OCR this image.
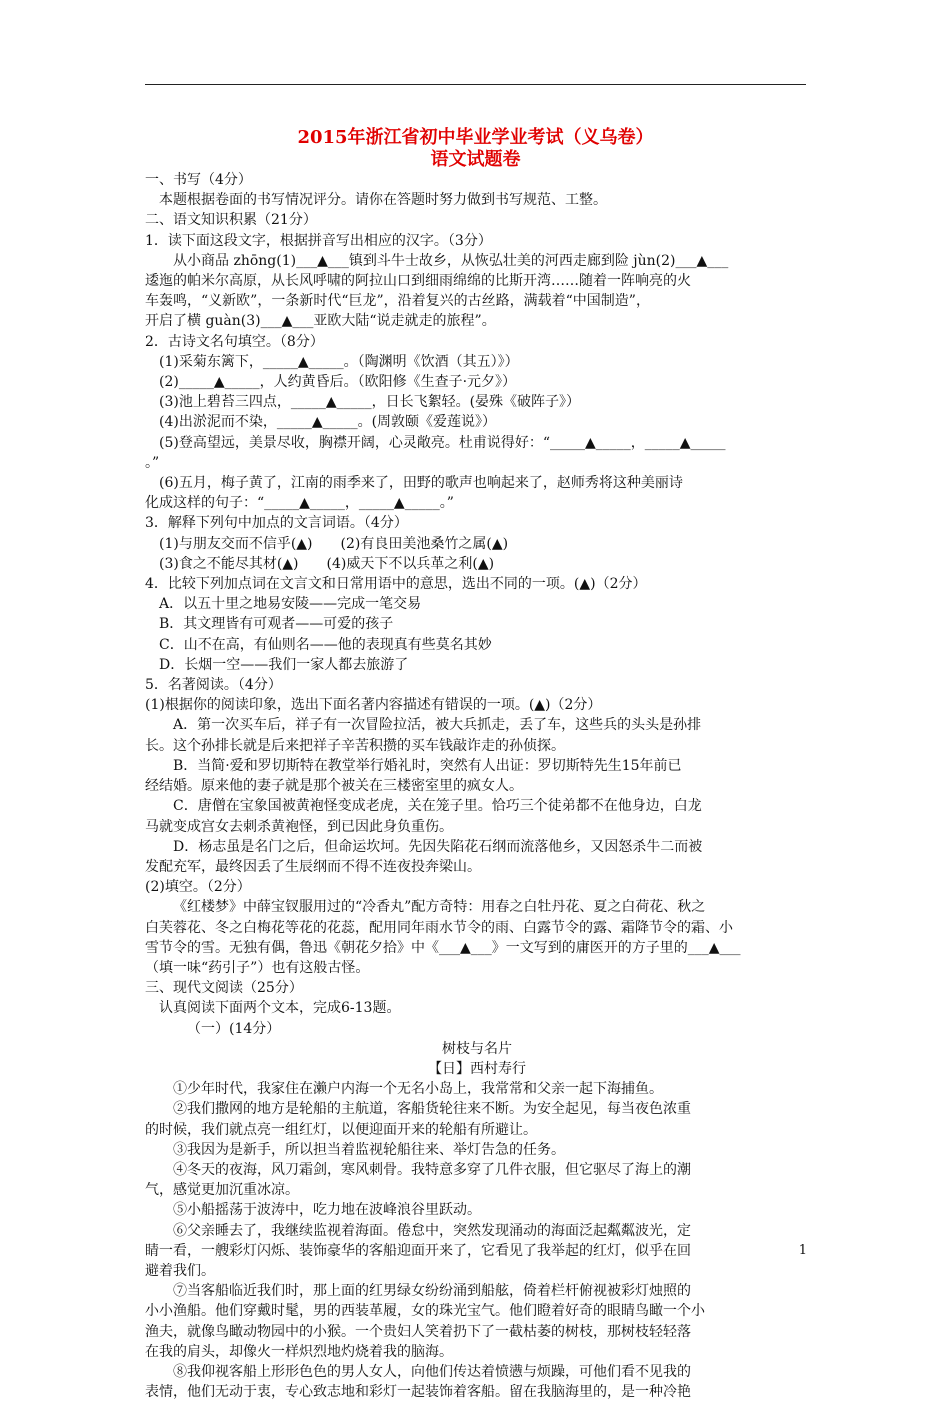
2015年浙江省初中毕业学业考试（义乌卷）
语文试题卷

一、书写（4分）

本题根据卷面的书写情况评分。请你在答题时努力做到书写规范、工整。

二、语文知识积累（21分）

1．读下面这段文字，根据拼音写出相应的汉字。（3分）

从小商品 zhōng(1)___▲___镇到斗牛士故乡，从恢弘壮美的河西走廊到险 jùn(2)___▲___

逶迤的帕米尔高原，从长风呼啸的阿拉山口到细雨绵绵的比斯开湾……随着一阵响亮的火

车轰鸣，“义新欧”，一条新时代“巨龙”，沿着复兴的古丝路，满载着“中国制造”，

开启了横 guàn(3)___▲___亚欧大陆“说走就走的旅程”。

2．古诗文名句填空。（8分）

(1)采菊东篱下，_____▲_____。（陶渊明《饮酒（其五）》）

(2)_____▲_____，人约黄昏后。（欧阳修《生查子·元夕》）

(3)池上碧苔三四点，_____▲_____，日长飞絮轻。(晏殊《破阵子》）

(4)出淤泥而不染，_____▲_____。(周敦颐《爱莲说》）

(5)登高望远，美景尽收，胸襟开阔，心灵敞亮。杜甫说得好：“_____▲_____，_____▲_____

。”

(6)五月，梅子黄了，江南的雨季来了，田野的歌声也响起来了，赵师秀将这种美丽诗

化成这样的句子：“_____▲_____，_____▲_____。”

3．解释下列句中加点的文言词语。（4分）

(1)与朋友交而不信乎(▲)　　(2)有良田美池桑竹之属(▲)

(3)食之不能尽其材(▲)　　(4)威天下不以兵革之利(▲)

4．比较下列加点词在文言文和日常用语中的意思，选出不同的一项。(▲)（2分）

A．以五十里之地易安陵——完成一笔交易

B．其文理皆有可观者——可爱的孩子

C．山不在高，有仙则名——他的表现真有些莫名其妙

D．长烟一空——我们一家人都去旅游了

5．名著阅读。（4分）

(1)根据你的阅读印象，选出下面名著内容描述有错误的一项。(▲)（2分）

A．第一次买车后，祥子有一次冒险拉活，被大兵抓走，丢了车，这些兵的头头是孙排

长。这个孙排长就是后来把祥子辛苦积攒的买车钱敲诈走的孙侦探。

B．当简·爱和罗切斯特在教堂举行婚礼时，突然有人出证：罗切斯特先生15年前已

经结婚。原来他的妻子就是那个被关在三楼密室里的疯女人。

C．唐僧在宝象国被黄袍怪变成老虎，关在笼子里。恰巧三个徒弟都不在他身边，白龙

马就变成宫女去刺杀黄袍怪，到已因此身负重伤。

D．杨志虽是名门之后，但命运坎坷。先因失陷花石纲而流落他乡，又因怒杀牛二而被

发配充军，最终因丢了生辰纲而不得不连夜投奔梁山。

(2)填空。（2分）

《红楼梦》中薛宝钗服用过的“冷香丸”配方奇特：用春之白牡丹花、夏之白荷花、秋之

白芙蓉花、冬之白梅花等花的花蕊，配用同年雨水节令的雨、白露节令的露、霜降节令的霜、小

雪节令的雪。无独有偶，鲁迅《朝花夕拾》中《___▲___》一文写到的庸医开的方子里的___▲___

（填一味“药引子”）也有这般古怪。

三、现代文阅读（25分）

认真阅读下面两个文本，完成6-13题。

（一）(14分）

树枝与名片

【日】西村寿行

①少年时代，我家住在濑户内海一个无名小岛上，我常常和父亲一起下海捕鱼。

②我们撒网的地方是轮船的主航道，客船货轮往来不断。为安全起见，每当夜色浓重

的时候，我们就点亮一组红灯，以便迎面开来的轮船有所避让。

③我因为是新手，所以担当着监视轮船往来、举灯告急的任务。

④冬天的夜海，风刀霜剑，寒风刺骨。我特意多穿了几件衣服，但它驱尽了海上的潮

气，感觉更加沉重冰凉。

⑤小船摇荡于波涛中，吃力地在波峰浪谷里跃动。

⑥父亲睡去了，我继续监视着海面。倦怠中，突然发现涌动的海面泛起粼粼波光，定

睛一看，一艘彩灯闪烁、装饰豪华的客船迎面开来了，它看见了我举起的红灯，似乎在回

避着我们。

⑦当客船临近我们时，那上面的红男绿女纷纷涌到船舷，倚着栏杆俯视被彩灯烛照的

小小渔船。他们穿戴时髦，男的西装革履，女的珠光宝气。他们瞪着好奇的眼睛鸟瞰一个小

渔夫，就像鸟瞰动物园中的小猴。一个贵妇人笑着扔下了一截枯萎的树枝，那树枝轻轻落

在我的肩头，却像火一样炽烈地灼烧着我的脑海。

⑧我仰视客船上形形色色的男人女人，向他们传达着愤懑与烦躁，可他们看不见我的

表情，他们无动于衷，专心致志地和彩灯一起装饰着客船。留在我脑海里的，是一种冷艳

1
